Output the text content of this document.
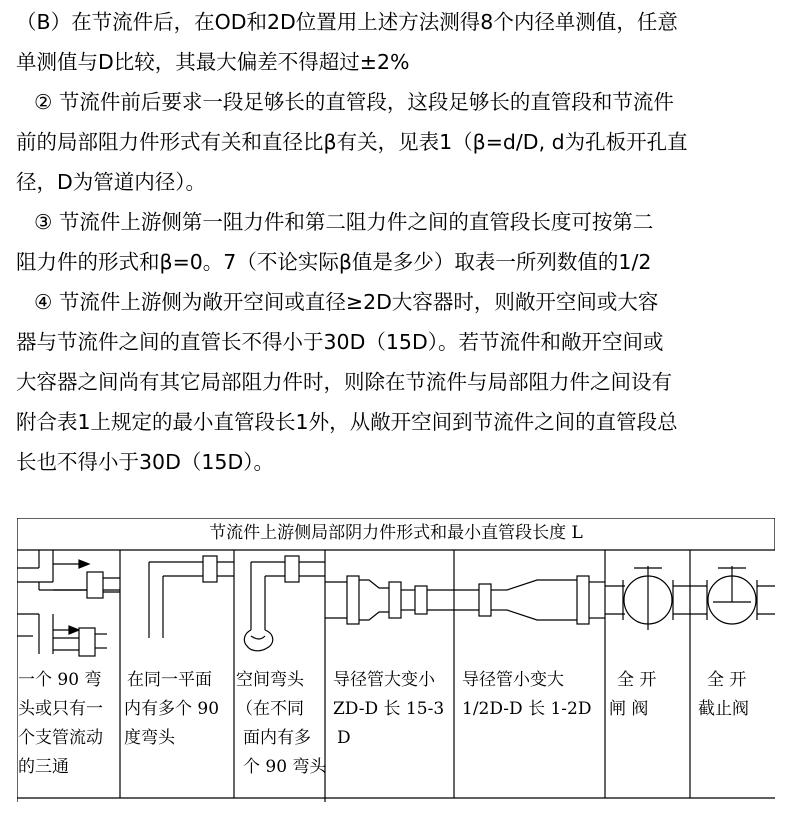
（B）在节流件后，在OD和2D位置用上述方法测得8个内径单测值，任意
单测值与D比较，其最大偏差不得超过±2%
② 节流件前后要求一段足够长的直管段，这段足够长的直管段和节流件
前的局部阻力件形式有关和直径比β有关，见表1（β=d/D, d为孔板开孔直
径，D为管道内径）。
③ 节流件上游侧第一阻力件和第二阻力件之间的直管段长度可按第二
阻力件的形式和β=0。7（不论实际β值是多少）取表一所列数值的1/2
④ 节流件上游侧为敞开空间或直径≥2D大容器时，则敞开空间或大容
器与节流件之间的直管长不得小于30D（15D）。若节流件和敞开空间或
大容器之间尚有其它局部阻力件时，则除在节流件与局部阻力件之间设有
附合表1上规定的最小直管段长1外，从敞开空间到节流件之间的直管段总
长也不得小于30D（15D）。
节流件上游侧局部阴力件形式和最小直管段长度 L
一个 90 弯
头或只有一
个支管流动
的三通
在同一平面
内有多个 90
度弯头
空间弯头
（在不同
面内有多
个 90 弯头
导径管大变小
ZD-D 长 15-3
D
导径管小变大
1/2D-D 长 1-2D
全 开
闸 阀
全 开
截止阀
